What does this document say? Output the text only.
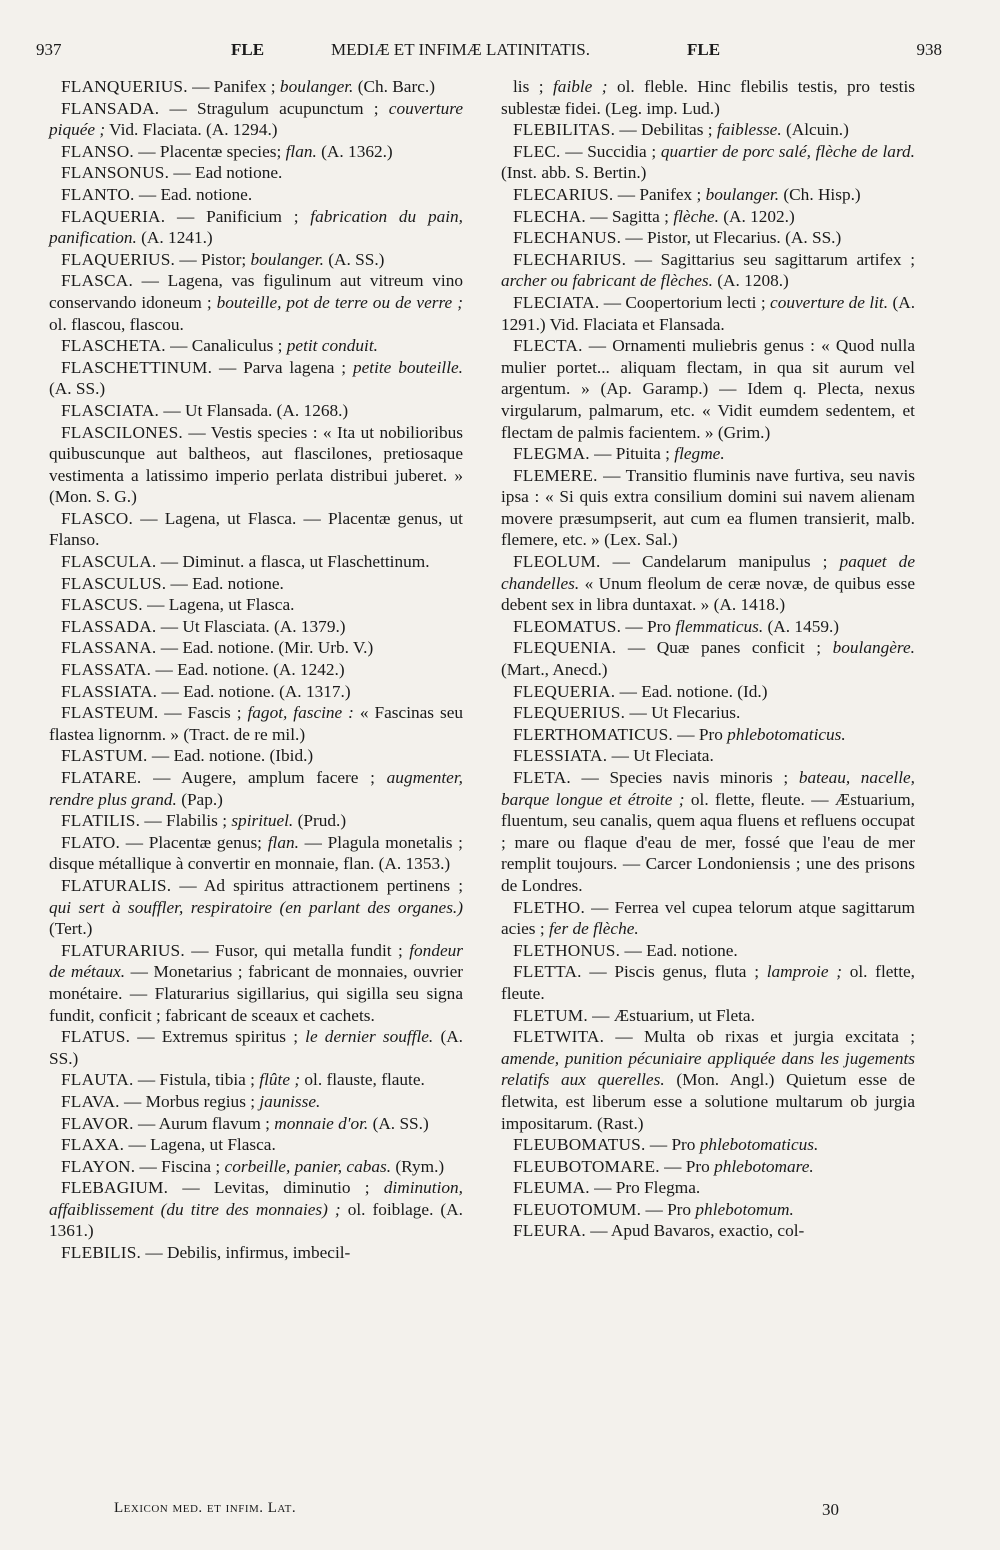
937	FLE	MEDIÆ ET INFIMÆ LATINITATIS.	FLE	938

FLANQUERIUS. — Panifex ; boulanger. (Ch. Barc.)

FLANSADA. — Stragulum acupunctum ; couverture piquée ; Vid. Flaciata. (A. 1294.)

FLANSO. — Placentæ species; flan. (A. 1362.)

FLANSONUS. — Ead notione.

FLANTO. — Ead. notione.

FLAQUERIA. — Panificium ; fabrication du pain, panification. (A. 1241.)

FLAQUERIUS. — Pistor; boulanger. (A. SS.)

FLASCA. — Lagena, vas figulinum aut vitreum vino conservando idoneum ; bouteille, pot de terre ou de verre ; ol. flascou, flascou.

FLASCHETA. — Canaliculus ; petit conduit.

FLASCHETTINUM. — Parva lagena ; petite bouteille. (A. SS.)

FLASCIATA. — Ut Flansada. (A. 1268.)

FLASCILONES. — Vestis species : « Ita ut nobilioribus quibuscunque aut baltheos, aut flascilones, pretiosaque vestimenta a latissimo imperio perlata distribui juberet. » (Mon. S. G.)

FLASCO. — Lagena, ut Flasca. — Placentæ genus, ut Flanso.

FLASCULA. — Diminut. a flasca, ut Flaschettinum.

FLASCULUS. — Ead. notione.

FLASCUS. — Lagena, ut Flasca.

FLASSADA. — Ut Flasciata. (A. 1379.)

FLASSANA. — Ead. notione. (Mir. Urb. V.)

FLASSATA. — Ead. notione. (A. 1242.)

FLASSIATA. — Ead. notione. (A. 1317.)

FLASTEUM. — Fascis ; fagot, fascine : « Fascinas seu flastea lignornm. » (Tract. de re mil.)

FLASTUM. — Ead. notione. (Ibid.)

FLATARE. — Augere, amplum facere ; augmenter, rendre plus grand. (Pap.)

FLATILIS. — Flabilis ; spirituel. (Prud.)

FLATO. — Placentæ genus; flan. — Plagula monetalis ; disque métallique à convertir en monnaie, flan. (A. 1353.)

FLATURALIS. — Ad spiritus attractionem pertinens ; qui sert à souffler, respiratoire (en parlant des organes.) (Tert.)

FLATURARIUS. — Fusor, qui metalla fundit ; fondeur de métaux. — Monetarius ; fabricant de monnaies, ouvrier monétaire. — Flaturarius sigillarius, qui sigilla seu signa fundit, conficit ; fabricant de sceaux et cachets.

FLATUS. — Extremus spiritus ; le dernier souffle. (A. SS.)

FLAUTA. — Fistula, tibia ; flûte ; ol. flauste, flaute.

FLAVA. — Morbus regius ; jaunisse.

FLAVOR. — Aurum flavum ; monnaie d'or. (A. SS.)

FLAXA. — Lagena, ut Flasca.

FLAYON. — Fiscina ; corbeille, panier, cabas. (Rym.)

FLEBAGIUM. — Levitas, diminutio ; diminution, affaiblissement (du titre des monnaies) ; ol. foiblage. (A. 1361.)

FLEBILIS. — Debilis, infirmus, imbecil-

lis ; faible ; ol. fleble. Hinc flebilis testis, pro testis sublestæ fidei. (Leg. imp. Lud.)

FLEBILITAS. — Debilitas ; faiblesse. (Alcuin.)

FLEC. — Succidia ; quartier de porc salé, flèche de lard. (Inst. abb. S. Bertin.)

FLECARIUS. — Panifex ; boulanger. (Ch. Hisp.)

FLECHA. — Sagitta ; flèche. (A. 1202.)

FLECHANUS. — Pistor, ut Flecarius. (A. SS.)

FLECHARIUS. — Sagittarius seu sagittarum artifex ; archer ou fabricant de flèches. (A. 1208.)

FLECIATA. — Coopertorium lecti ; couverture de lit. (A. 1291.) Vid. Flaciata et Flansada.

FLECTA. — Ornamenti muliebris genus : « Quod nulla mulier portet... aliquam flectam, in qua sit aurum vel argentum. » (Ap. Garamp.) — Idem q. Plecta, nexus virgularum, palmarum, etc. « Vidit eumdem sedentem, et flectam de palmis facientem. » (Grim.)

FLEGMA. — Pituita ; flegme.

FLEMERE. — Transitio fluminis nave furtiva, seu navis ipsa : « Si quis extra consilium domini sui navem alienam movere præsumpserit, aut cum ea flumen transierit, malb. flemere, etc. » (Lex. Sal.)

FLEOLUM. — Candelarum manipulus ; paquet de chandelles. « Unum fleolum de ceræ novæ, de quibus esse debent sex in libra duntaxat. » (A. 1418.)

FLEOMATUS. — Pro flemmaticus. (A. 1459.)

FLEQUENIA. — Quæ panes conficit ; boulangère. (Mart., Anecd.)

FLEQUERIA. — Ead. notione. (Id.)

FLEQUERIUS. — Ut Flecarius.

FLERTHOMATICUS. — Pro phlebotomaticus.

FLESSIATA. — Ut Fleciata.

FLETA. — Species navis minoris ; bateau, nacelle, barque longue et étroite ; ol. flette, fleute. — Æstuarium, fluentum, seu canalis, quem aqua fluens et refluens occupat ; mare ou flaque d'eau de mer, fossé que l'eau de mer remplit toujours. — Carcer Londoniensis ; une des prisons de Londres.

FLETHO. — Ferrea vel cupea telorum atque sagittarum acies ; fer de flèche.

FLETHONUS. — Ead. notione.

FLETTA. — Piscis genus, fluta ; lamproie ; ol. flette, fleute.

FLETUM. — Æstuarium, ut Fleta.

FLETWITA. — Multa ob rixas et jurgia excitata ; amende, punition pécuniaire appliquée dans les jugements relatifs aux querelles. (Mon. Angl.) Quietum esse de fletwita, est liberum esse a solutione multarum ob jurgia impositarum. (Rast.)

FLEUBOMATUS. — Pro phlebotomaticus.

FLEUBOTOMARE. — Pro phlebotomare.

FLEUMA. — Pro Flegma.

FLEUOTOMUM. — Pro phlebotomum.

FLEURA. — Apud Bavaros, exactio, col-

Lexicon med. et infim. Lat.	30
